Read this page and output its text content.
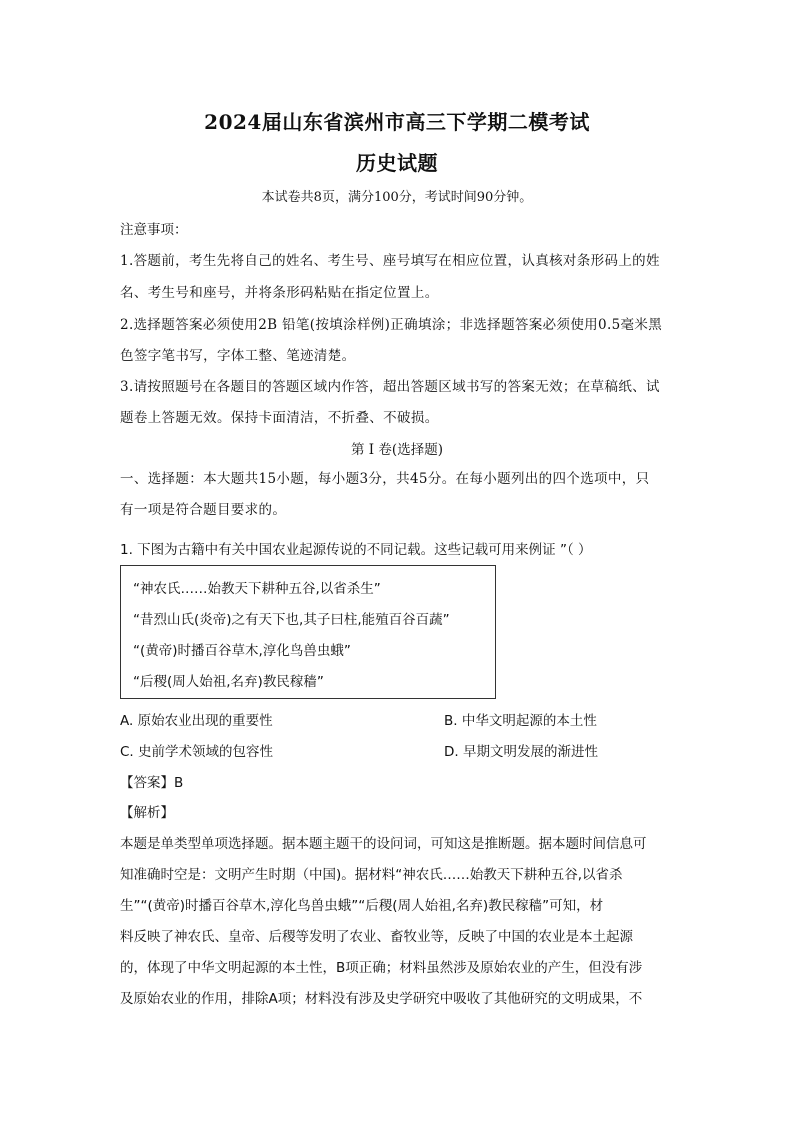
2024届山东省滨州市高三下学期二模考试
历史试题
本试卷共8页，满分100分，考试时间90分钟。
注意事项：
1.答题前，考生先将自己的姓名、考生号、座号填写在相应位置，认真核对条形码上的姓
名、考生号和座号，并将条形码粘贴在指定位置上。
2.选择题答案必须使用2B 铅笔(按填涂样例)正确填涂；非选择题答案必须使用0.5毫米黑
色签字笔书写，字体工整、笔迹清楚。
3.请按照题号在各题目的答题区域内作答，超出答题区域书写的答案无效；在草稿纸、试
题卷上答题无效。保持卡面清洁，不折叠、不破损。
第 I 卷(选择题)
一、选择题：本大题共15小题，每小题3分，共45分。在每小题列出的四个选项中，只
有一项是符合题目要求的。
1. 下图为古籍中有关中国农业起源传说的不同记载。这些记载可用来例证 ”（ ）
“神农氏……始教天下耕种五谷,以省杀生”
“昔烈山氏(炎帝)之有天下也,其子曰柱,能殖百谷百蔬”
“(黄帝)时播百谷草木,淳化鸟兽虫蛾”
“后稷(周人始祖,名弃)教民稼穑”
A. 原始农业出现的重要性	B. 中华文明起源的本土性
C. 史前学术领域的包容性	D. 早期文明发展的渐进性
【答案】B
【解析】
本题是单类型单项选择题。据本题主题干的设问词，可知这是推断题。据本题时间信息可
知准确时空是：文明产生时期（中国)。据材料“神农氏……始教天下耕种五谷,以省杀
生”“(黄帝)时播百谷草木,淳化鸟兽虫蛾”“后稷(周人始祖,名弃)教民稼穑”可知，材
料反映了神农氏、皇帝、后稷等发明了农业、畜牧业等，反映了中国的农业是本土起源
的，体现了中华文明起源的本土性，B项正确；材料虽然涉及原始农业的产生，但没有涉
及原始农业的作用，排除A项；材料没有涉及史学研究中吸收了其他研究的文明成果，不
